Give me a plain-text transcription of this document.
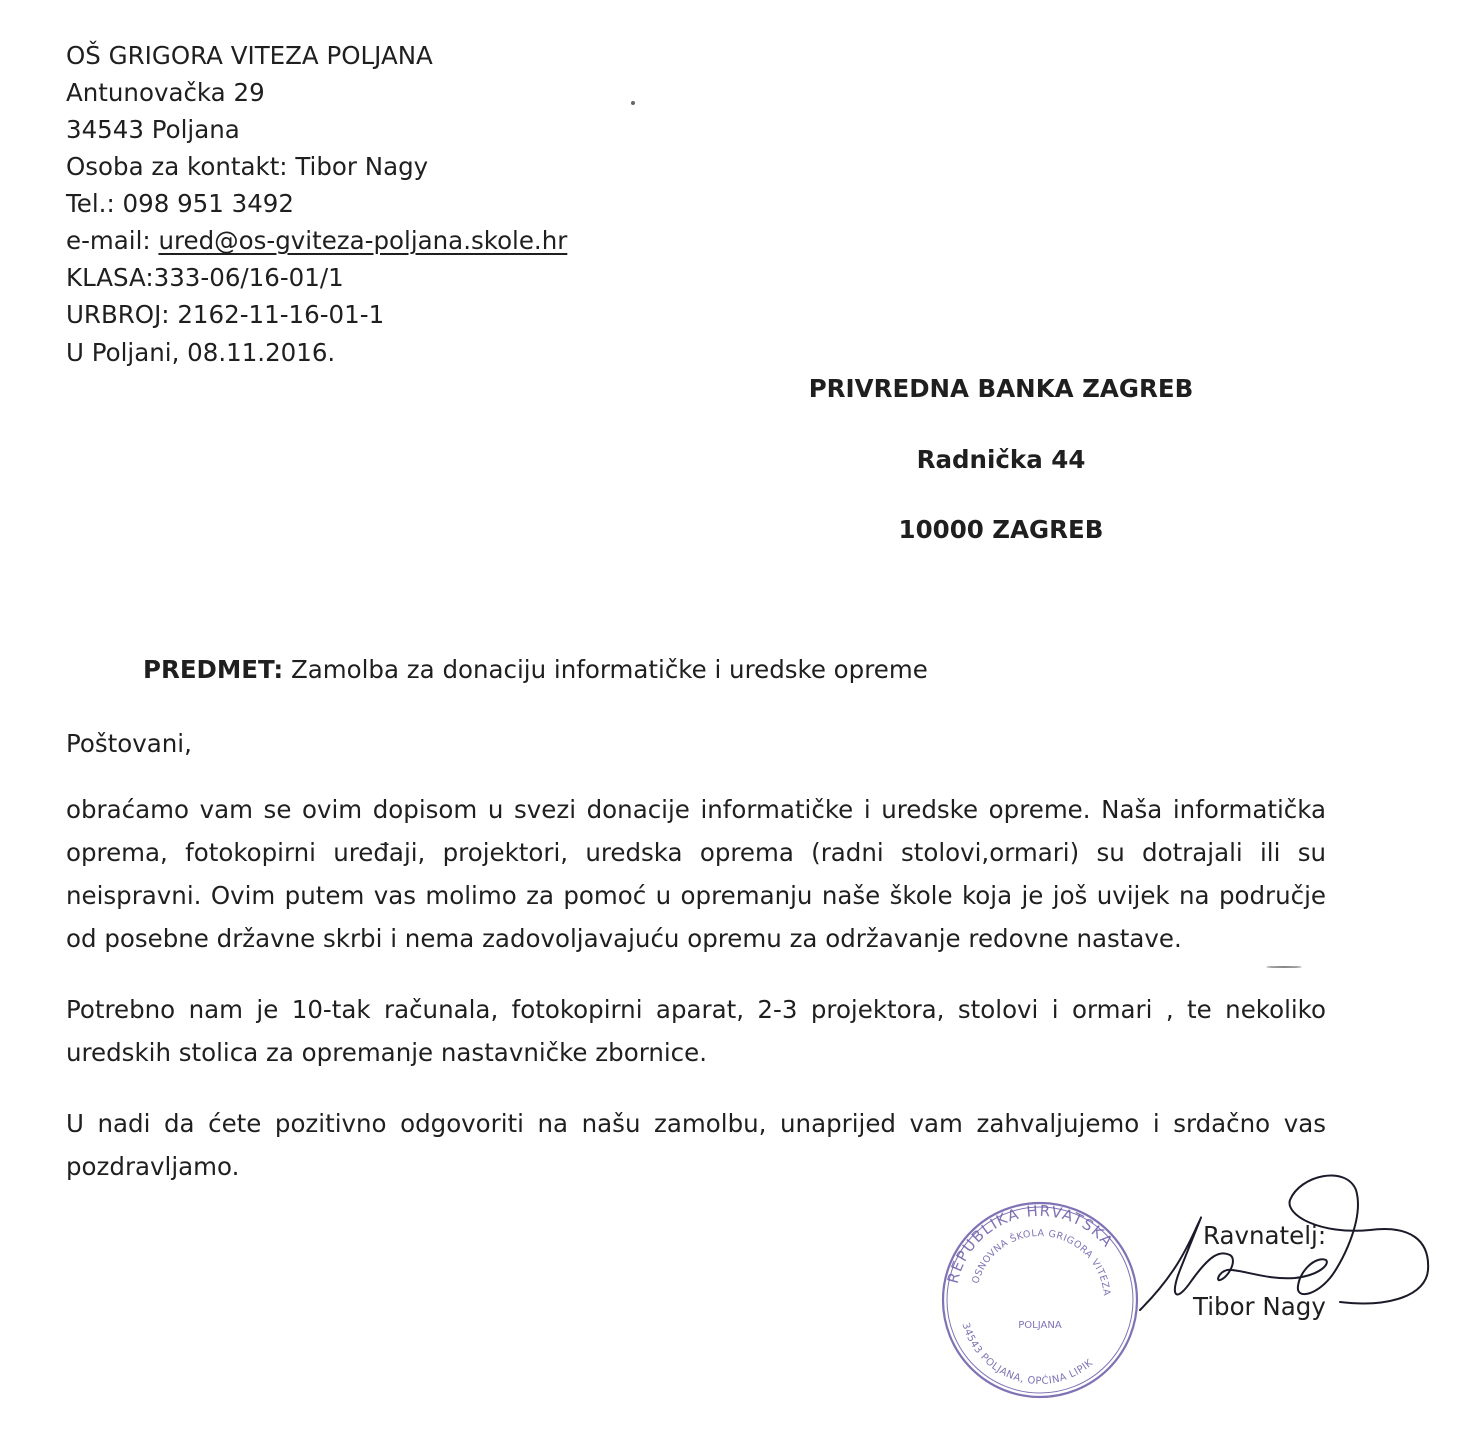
OŠ GRIGORA VITEZA POLJANA
Antunovačka 29
34543 Poljana
Osoba za kontakt: Tibor Nagy
Tel.: 098 951 3492
e-mail: ured@os-gviteza-poljana.skole.hr
KLASA:333-06/16-01/1
URBROJ: 2162-11-16-01-1
U Poljani, 08.11.2016.
PRIVREDNA BANKA ZAGREB
Radnička 44
10000 ZAGREB
PREDMET: Zamolba za donaciju informatičke i uredske opreme
Poštovani,
obraćamo vam se ovim dopisom u svezi donacije informatičke i uredske opreme. Naša informatička
oprema, fotokopirni uređaji, projektori, uredska oprema (radni stolovi,ormari) su dotrajali ili su
neispravni. Ovim putem vas molimo za pomoć u opremanju naše škole koja je još uvijek na područje
od posebne državne skrbi i nema zadovoljavajuću opremu za održavanje redovne nastave.
Potrebno nam je 10-tak računala, fotokopirni aparat, 2-3 projektora, stolovi i ormari , te nekoliko
uredskih stolica za opremanje nastavničke zbornice.
U nadi da ćete pozitivno odgovoriti na našu zamolbu, unaprijed vam zahvaljujemo i srdačno vas
pozdravljamo.
REPUBLIKA HRVATSKA
OSNOVNA ŠKOLA GRIGORA VITEZA
34543 POLJANA, OPĆINA LIPIK
POLJANA
Ravnatelj:
Tibor Nagy
